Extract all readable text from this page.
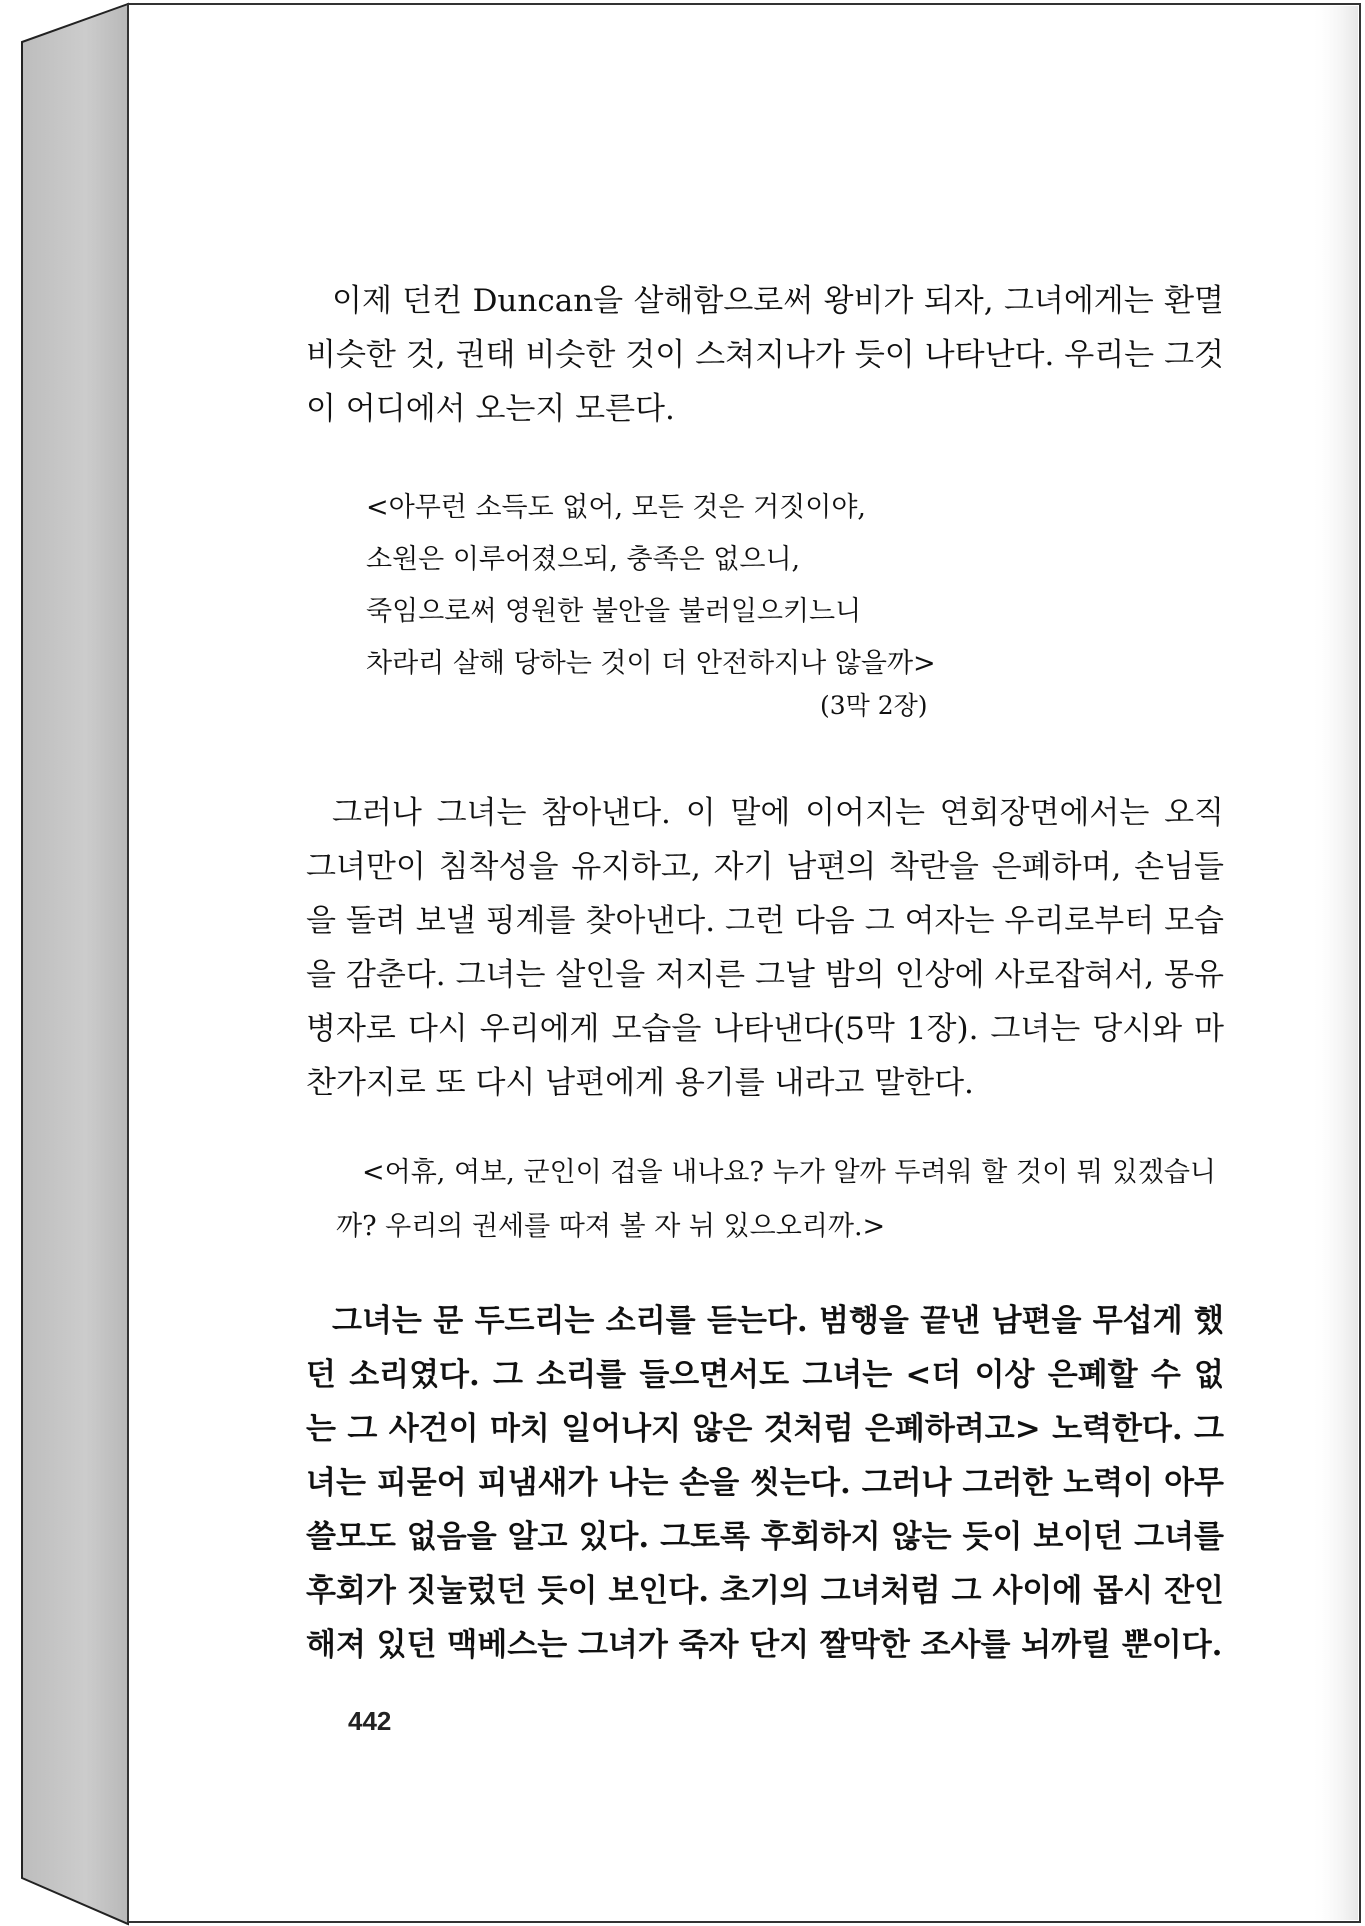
이제 던컨 Duncan을 살해함으로써 왕비가 되자, 그녀에게는 환멸 비슷한 것, 권태 비슷한 것이 스쳐지나가 듯이 나타난다. 우리는 그것이 어디에서 오는지 모른다.

<아무런 소득도 없어, 모든 것은 거짓이야,
소원은 이루어졌으되, 충족은 없으니,
죽임으로써 영원한 불안을 불러일으키느니
차라리 살해 당하는 것이 더 안전하지나 않을까>
(3막 2장)

그러나 그녀는 참아낸다. 이 말에 이어지는 연회장면에서는 오직 그녀만이 침착성을 유지하고, 자기 남편의 착란을 은폐하며, 손님들을 돌려 보낼 핑계를 찾아낸다. 그런 다음 그 여자는 우리로부터 모습을 감춘다. 그녀는 살인을 저지른 그날 밤의 인상에 사로잡혀서, 몽유병자로 다시 우리에게 모습을 나타낸다(5막 1장). 그녀는 당시와 마찬가지로 또 다시 남편에게 용기를 내라고 말한다.

<어휴, 여보, 군인이 겁을 내나요? 누가 알까 두려워 할 것이 뭐 있겠습니까? 우리의 권세를 따져 볼 자 뉘 있으오리까.>

그녀는 문 두드리는 소리를 듣는다. 범행을 끝낸 남편을 무섭게 했던 소리였다. 그 소리를 들으면서도 그녀는 <더 이상 은폐할 수 없는 그 사건이 마치 일어나지 않은 것처럼 은폐하려고> 노력한다. 그녀는 피묻어 피냄새가 나는 손을 씻는다. 그러나 그러한 노력이 아무 쓸모도 없음을 알고 있다. 그토록 후회하지 않는 듯이 보이던 그녀를 후회가 짓눌렀던 듯이 보인다. 초기의 그녀처럼 그 사이에 몹시 잔인해져 있던 맥베스는 그녀가 죽자 단지 짤막한 조사를 뇌까릴 뿐이다.

442
